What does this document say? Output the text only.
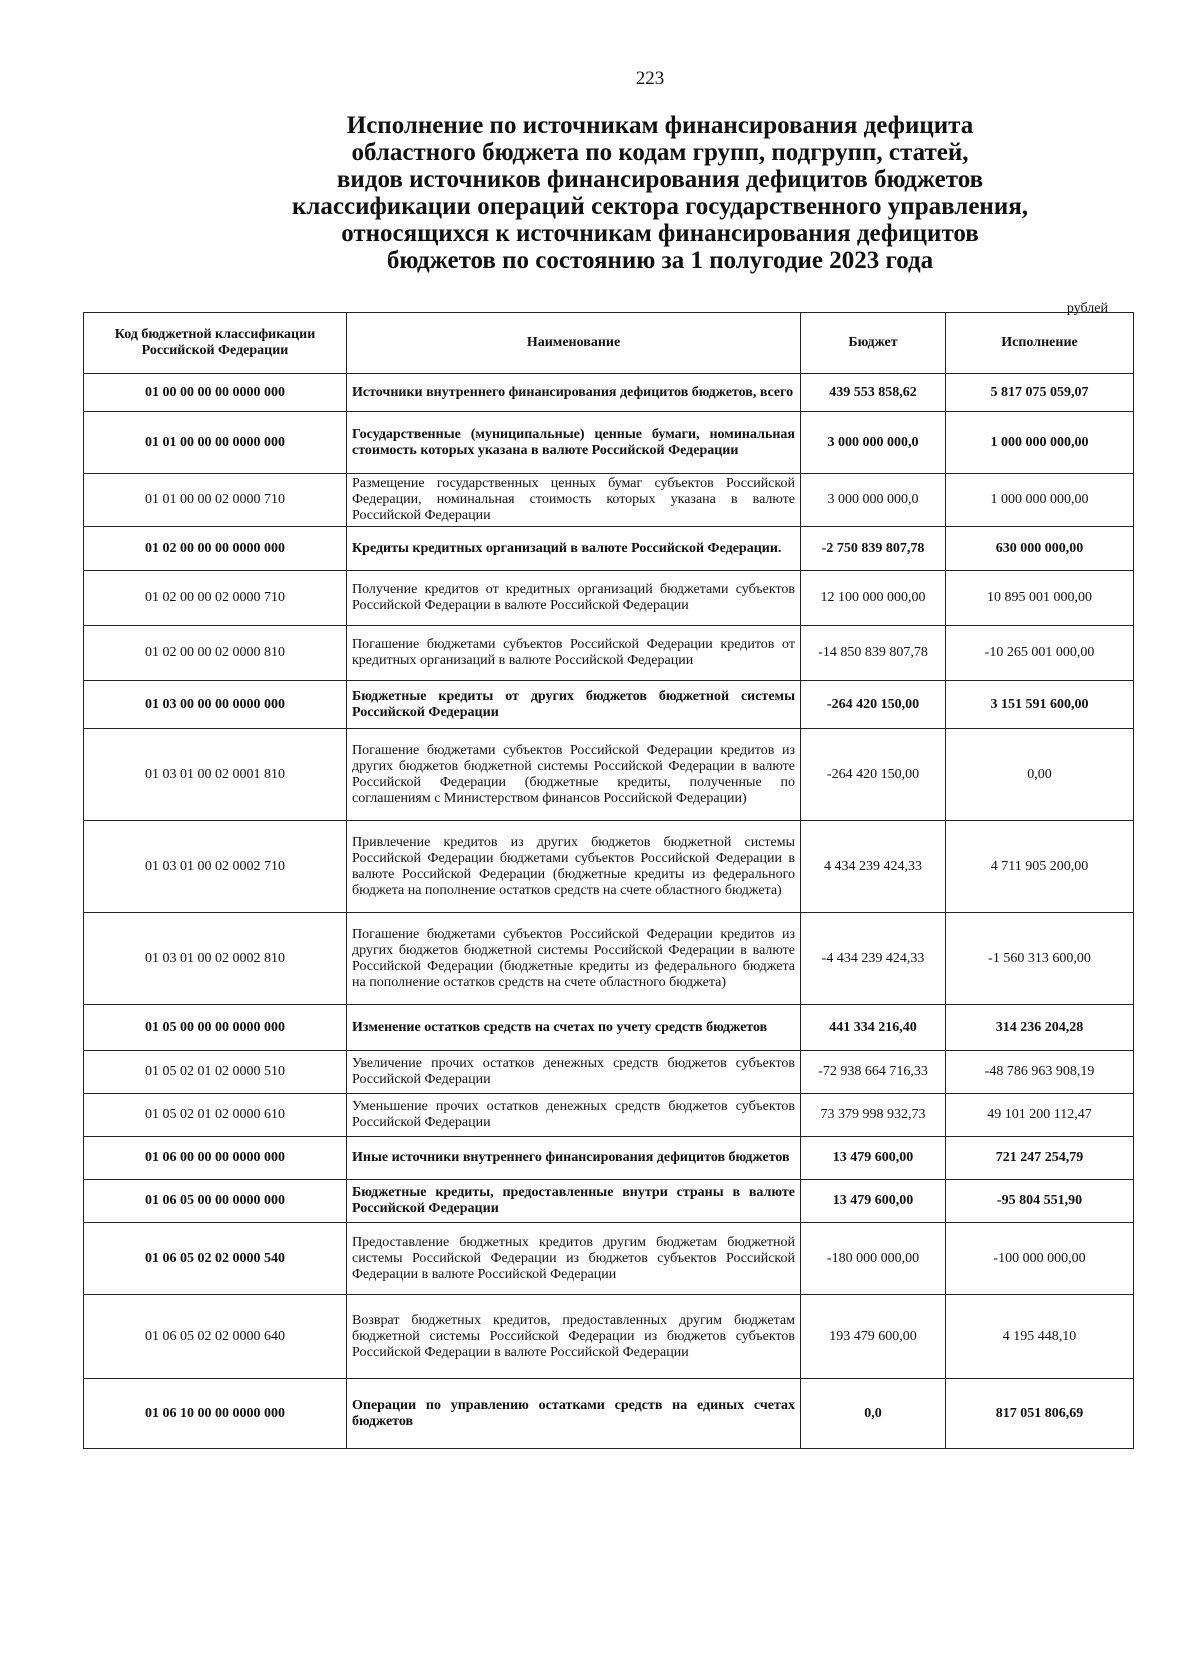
223
Исполнение по источникам финансирования дефицита
областного бюджета по кодам групп, подгрупп, статей,
видов источников финансирования дефицитов бюджетов
классификации операций сектора государственного управления,
относящихся к источникам финансирования дефицитов
бюджетов по состоянию за 1 полугодие 2023 года
рублей
Код бюджетной классификации Российской Федерации	Наименование	Бюджет	Исполнение
01 00 00 00 00 0000 000	Источники внутреннего финансирования дефицитов бюджетов, всего	439 553 858,62	5 817 075 059,07
01 01 00 00 00 0000 000	Государственные (муниципальные) ценные бумаги, номинальная стоимость которых указана в валюте Российской Федерации	3 000 000 000,0	1 000 000 000,00
01 01 00 00 02 0000 710	Размещение государственных ценных бумаг субъектов Российской Федерации, номинальная стоимость которых указана в валюте Российской Федерации	3 000 000 000,0	1 000 000 000,00
01 02 00 00 00 0000 000	Кредиты кредитных организаций в валюте Российской Федерации.	-2 750 839 807,78	630 000 000,00
01 02 00 00 02 0000 710	Получение кредитов от кредитных организаций бюджетами субъектов Российской Федерации в валюте Российской Федерации	12 100 000 000,00	10 895 001 000,00
01 02 00 00 02 0000 810	Погашение бюджетами субъектов Российской Федерации кредитов от кредитных организаций в валюте Российской Федерации	-14 850 839 807,78	-10 265 001 000,00
01 03 00 00 00 0000 000	Бюджетные кредиты от других бюджетов бюджетной системы Российской Федерации	-264 420 150,00	3 151 591 600,00
01 03 01 00 02 0001 810	Погашение бюджетами субъектов Российской Федерации кредитов из других бюджетов бюджетной системы Российской Федерации в валюте Российской Федерации (бюджетные кредиты, полученные по соглашениям с Министерством финансов Российской Федерации)	-264 420 150,00	0,00
01 03 01 00 02 0002 710	Привлечение кредитов из других бюджетов бюджетной системы Российской Федерации бюджетами субъектов Российской Федерации в валюте Российской Федерации (бюджетные кредиты из федерального бюджета на пополнение остатков средств на счете областного бюджета)	4 434 239 424,33	4 711 905 200,00
01 03 01 00 02 0002 810	Погашение бюджетами субъектов Российской Федерации кредитов из других бюджетов бюджетной системы Российской Федерации в валюте Российской Федерации (бюджетные кредиты из федерального бюджета на пополнение остатков средств на счете областного бюджета)	-4 434 239 424,33	-1 560 313 600,00
01 05 00 00 00 0000 000	Изменение остатков средств на счетах по учету средств бюджетов	441 334 216,40	314 236 204,28
01 05 02 01 02 0000 510	Увеличение прочих остатков денежных средств бюджетов субъектов Российской Федерации	-72 938 664 716,33	-48 786 963 908,19
01 05 02 01 02 0000 610	Уменьшение прочих остатков денежных средств бюджетов субъектов Российской Федерации	73 379 998 932,73	49 101 200 112,47
01 06 00 00 00 0000 000	Иные источники внутреннего финансирования дефицитов бюджетов	13 479 600,00	721 247 254,79
01 06 05 00 00 0000 000	Бюджетные кредиты, предоставленные внутри страны в валюте Российской Федерации	13 479 600,00	-95 804 551,90
01 06 05 02 02 0000 540	Предоставление бюджетных кредитов другим бюджетам бюджетной системы Российской Федерации из бюджетов субъектов Российской Федерации в валюте Российской Федерации	-180 000 000,00	-100 000 000,00
01 06 05 02 02 0000 640	Возврат бюджетных кредитов, предоставленных другим бюджетам бюджетной системы Российской Федерации из бюджетов субъектов Российской Федерации в валюте Российской Федерации	193 479 600,00	4 195 448,10
01 06 10 00 00 0000 000	Операции по управлению остатками средств на единых счетах бюджетов	0,0	817 051 806,69
